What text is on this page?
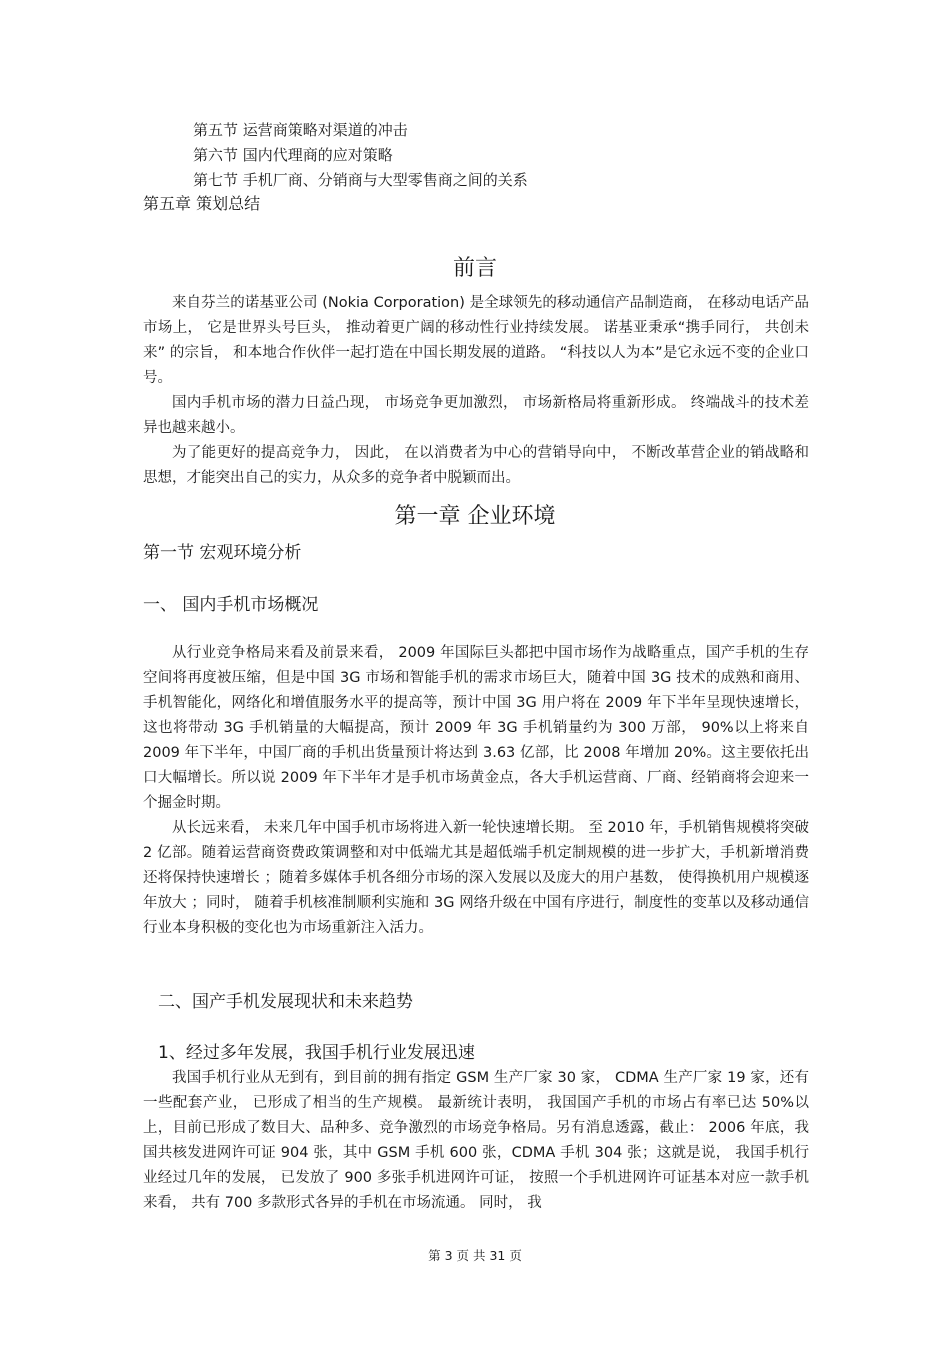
第五节 运营商策略对渠道的冲击
第六节 国内代理商的应对策略
第七节 手机厂商、分销商与大型零售商之间的关系
第五章 策划总结
前言

来自芬兰的诺基亚公司 (Nokia Corporation) 是全球领先的移动通信产品制造商， 在移动电话产品市场上， 它是世界头号巨头， 推动着更广阔的移动性行业持续发展。 诺基亚秉承“携手同行， 共创未来” 的宗旨， 和本地合作伙伴一起打造在中国长期发展的道路。 “科技以人为本”是它永远不变的企业口号。

国内手机市场的潜力日益凸现， 市场竞争更加激烈， 市场新格局将重新形成。 终端战斗的技术差异也越来越小。

为了能更好的提高竞争力， 因此， 在以消费者为中心的营销导向中， 不断改革营企业的销战略和思想，才能突出自己的实力，从众多的竞争者中脱颖而出。

第一章 企业环境
第一节 宏观环境分析
一、 国内手机市场概况

从行业竞争格局来看及前景来看， 2009 年国际巨头都把中国市场作为战略重点，国产手机的生存空间将再度被压缩，但是中国 3G 市场和智能手机的需求市场巨大，随着中国 3G 技术的成熟和商用、手机智能化，网络化和增值服务水平的提高等，预计中国 3G 用户将在 2009 年下半年呈现快速增长，这也将带动 3G 手机销量的大幅提高，预计 2009 年 3G 手机销量约为 300 万部， 90%以上将来自 2009 年下半年，中国厂商的手机出货量预计将达到 3.63 亿部，比 2008 年增加 20%。这主要依托出口大幅增长。所以说 2009 年下半年才是手机市场黄金点，各大手机运营商、厂商、经销商将会迎来一个掘金时期。

从长远来看， 未来几年中国手机市场将进入新一轮快速增长期。 至 2010 年，手机销售规模将突破 2 亿部。随着运营商资费政策调整和对中低端尤其是超低端手机定制规模的进一步扩大，手机新增消费还将保持快速增长 ；随着多媒体手机各细分市场的深入发展以及庞大的用户基数， 使得换机用户规模逐年放大 ；同时， 随着手机核准制顺利实施和 3G 网络升级在中国有序进行，制度性的变革以及移动通信行业本身积极的变化也为市场重新注入活力。

二、国产手机发展现状和未来趋势
1、经过多年发展，我国手机行业发展迅速

我国手机行业从无到有，到目前的拥有指定 GSM 生产厂家 30 家， CDMA 生产厂家 19 家，还有一些配套产业， 已形成了相当的生产规模。 最新统计表明， 我国国产手机的市场占有率已达 50%以上，目前已形成了数目大、品种多、竞争激烈的市场竞争格局。另有消息透露，截止： 2006 年底，我国共核发进网许可证 904 张，其中 GSM 手机 600 张，CDMA 手机 304 张；这就是说， 我国手机行业经过几年的发展， 已发放了 900 多张手机进网许可证， 按照一个手机进网许可证基本对应一款手机来看， 共有 700 多款形式各异的手机在市场流通。 同时， 我

第 3 页 共 31 页
